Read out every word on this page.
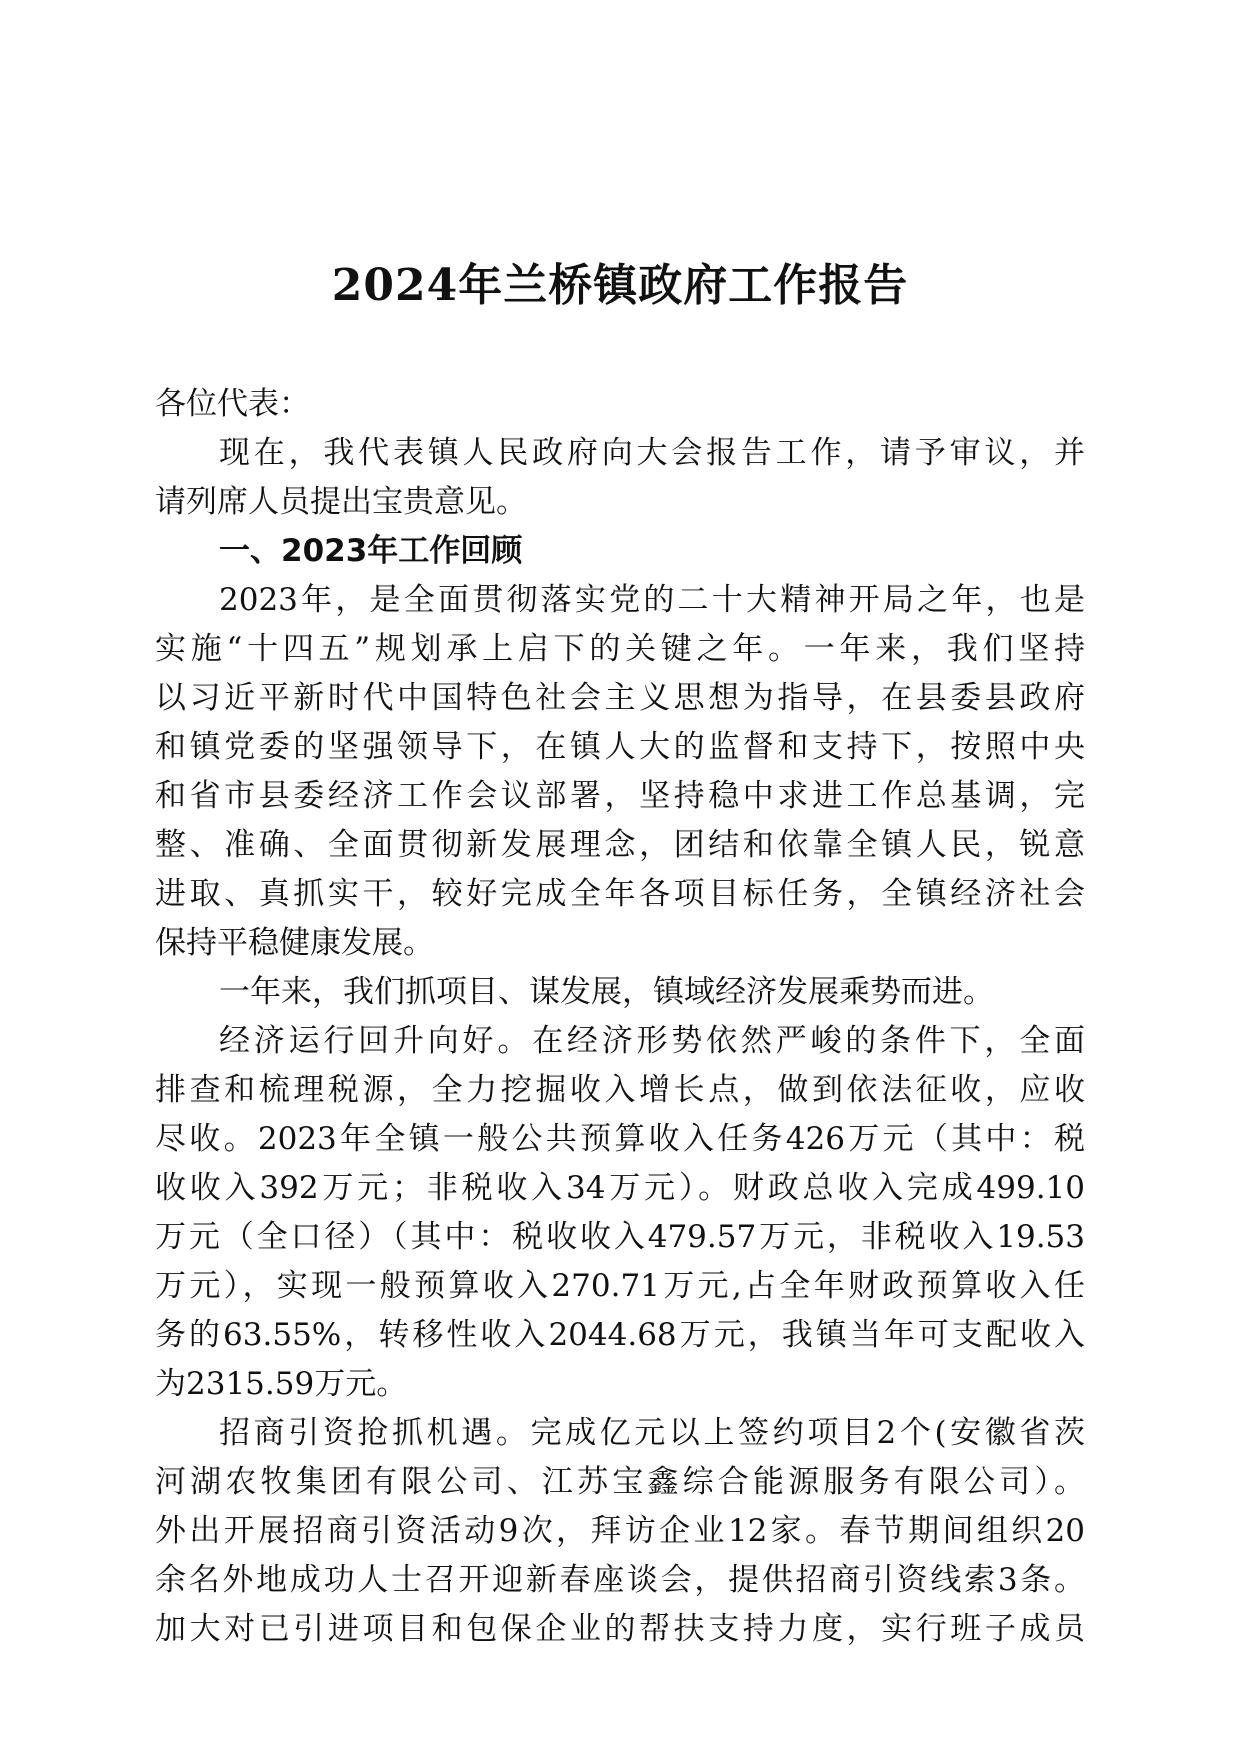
2024年兰桥镇政府工作报告
各位代表：
现在，我代表镇人民政府向大会报告工作，请予审议，并
请列席人员提出宝贵意见。
一、2023年工作回顾
2023年，是全面贯彻落实党的二十大精神开局之年，也是
实施“十四五”规划承上启下的关键之年。一年来，我们坚持
以习近平新时代中国特色社会主义思想为指导，在县委县政府
和镇党委的坚强领导下，在镇人大的监督和支持下，按照中央
和省市县委经济工作会议部署，坚持稳中求进工作总基调，完
整、准确、全面贯彻新发展理念，团结和依靠全镇人民，锐意
进取、真抓实干，较好完成全年各项目标任务，全镇经济社会
保持平稳健康发展。
一年来，我们抓项目、谋发展，镇域经济发展乘势而进。
经济运行回升向好。在经济形势依然严峻的条件下，全面
排查和梳理税源，全力挖掘收入增长点，做到依法征收，应收
尽收。2023年全镇一般公共预算收入任务426万元（其中：税
收收入392万元；非税收入34万元）。财政总收入完成499.10
万元（全口径）（其中：税收收入479.57万元，非税收入19.53
万元），实现一般预算收入270.71万元,占全年财政预算收入任
务的63.55%，转移性收入2044.68万元，我镇当年可支配收入
为2315.59万元。
招商引资抢抓机遇。完成亿元以上签约项目2个(安徽省茨
河湖农牧集团有限公司、江苏宝鑫综合能源服务有限公司）。
外出开展招商引资活动9次，拜访企业12家。春节期间组织20
余名外地成功人士召开迎新春座谈会，提供招商引资线索3条。
加大对已引进项目和包保企业的帮扶支持力度，实行班子成员
